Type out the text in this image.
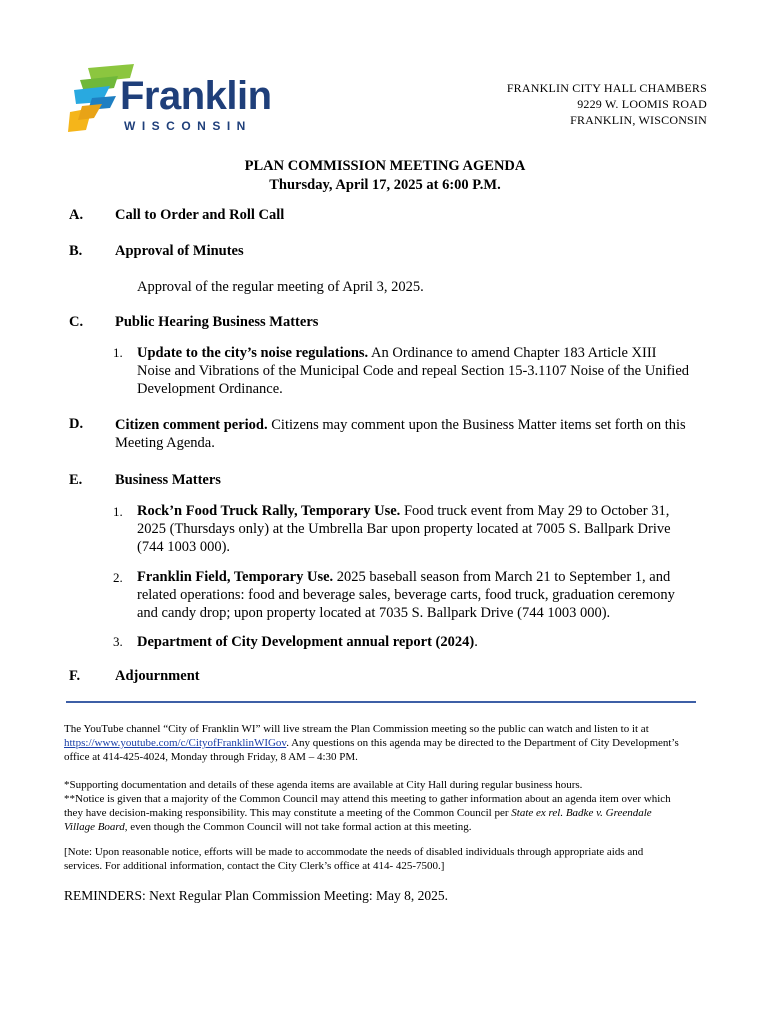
Franklin
WISCONSIN
FRANKLIN CITY HALL CHAMBERS
9229 W. LOOMIS ROAD
FRANKLIN, WISCONSIN
PLAN COMMISSION MEETING AGENDA
Thursday, April 17, 2025 at 6:00 P.M.
A. Call to Order and Roll Call
B. Approval of Minutes
Approval of the regular meeting of April 3, 2025.
C. Public Hearing Business Matters
1. Update to the city’s noise regulations. An Ordinance to amend Chapter 183 Article XIII
Noise and Vibrations of the Municipal Code and repeal Section 15-3.1107 Noise of the Unified
Development Ordinance.
D. Citizen comment period. Citizens may comment upon the Business Matter items set forth on this
Meeting Agenda.
E. Business Matters
1. Rock’n Food Truck Rally, Temporary Use. Food truck event from May 29 to October 31,
2025 (Thursdays only) at the Umbrella Bar upon property located at 7005 S. Ballpark Drive
(744 1003 000).
2. Franklin Field, Temporary Use. 2025 baseball season from March 21 to September 1, and
related operations: food and beverage sales, beverage carts, food truck, graduation ceremony
and candy drop; upon property located at 7035 S. Ballpark Drive (744 1003 000).
3. Department of City Development annual report (2024).
F. Adjournment
The YouTube channel “City of Franklin WI” will live stream the Plan Commission meeting so the public can watch and listen to it at
https://www.youtube.com/c/CityofFranklinWIGov. Any questions on this agenda may be directed to the Department of City Development’s
office at 414-425-4024, Monday through Friday, 8 AM – 4:30 PM.
*Supporting documentation and details of these agenda items are available at City Hall during regular business hours.
**Notice is given that a majority of the Common Council may attend this meeting to gather information about an agenda item over which
they have decision-making responsibility. This may constitute a meeting of the Common Council per State ex rel. Badke v. Greendale
Village Board, even though the Common Council will not take formal action at this meeting.
[Note: Upon reasonable notice, efforts will be made to accommodate the needs of disabled individuals through appropriate aids and
services. For additional information, contact the City Clerk’s office at 414- 425-7500.]
REMINDERS: Next Regular Plan Commission Meeting: May 8, 2025.
